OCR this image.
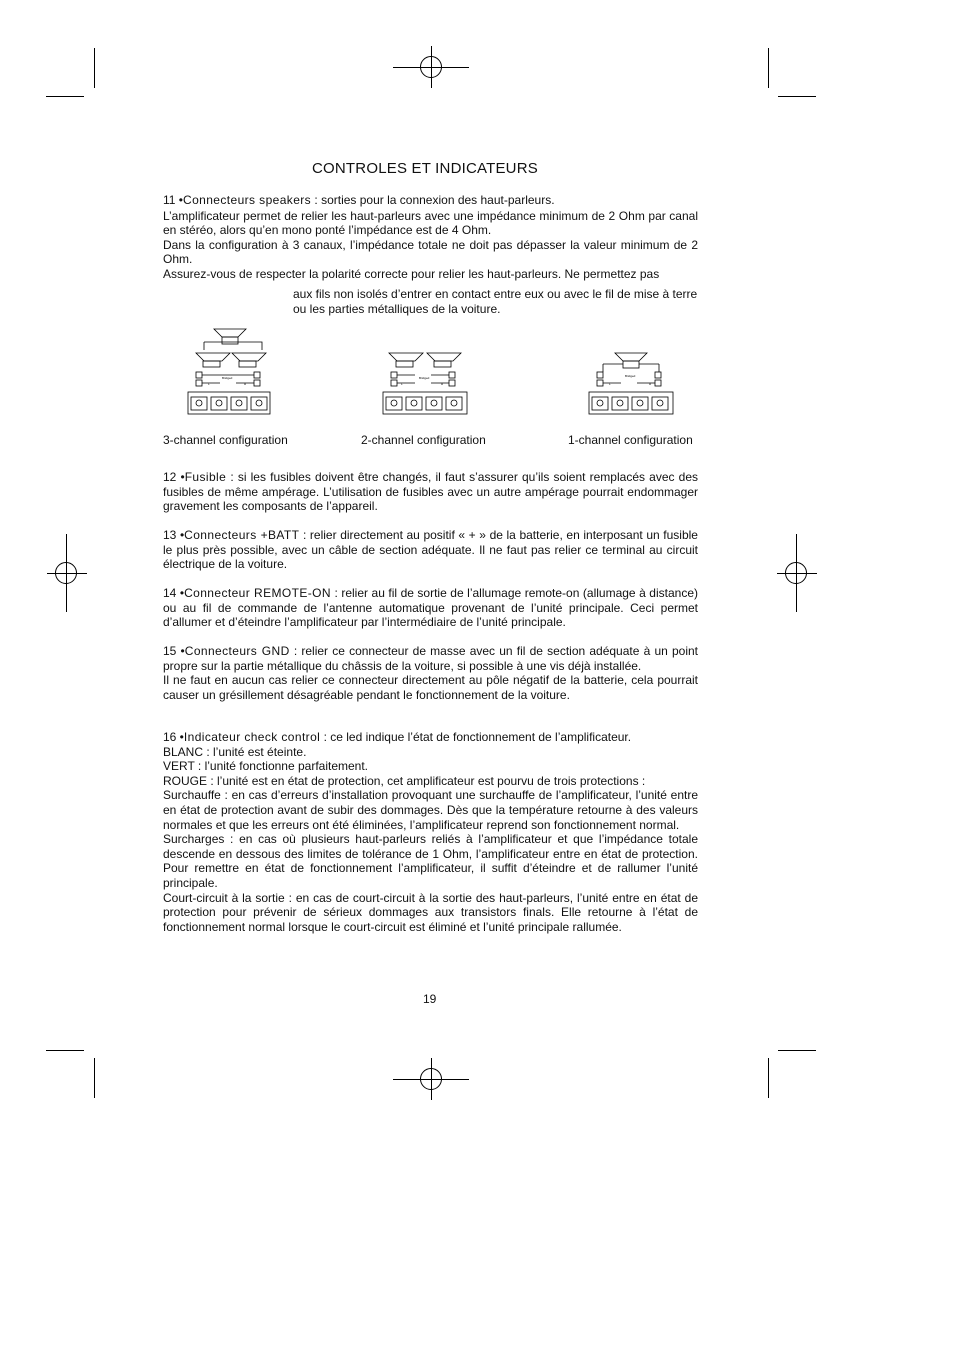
CONTROLES ET INDICATEURS

11 •Connecteurs speakers : sorties pour la connexion des haut-parleurs.

L’amplificateur permet de relier les haut-parleurs avec une impédance minimum de 2 Ohm par canal en stéréo, alors qu’en mono ponté l’impédance est de 4 Ohm.

Dans la configuration à 3 canaux, l’impédance totale ne doit pas dépasser la valeur minimum de 2 Ohm.

Assurez-vous de respecter la polarité correcte pour relier les haut-parleurs. Ne permettez pas

aux fils non isolés d’entrer en contact entre eux ou avec le fil de mise à terre ou les parties métalliques de la voiture.
Bridged
L	R
Bridged
L	R
Bridged
L	R
3-channel configuration	2-channel configuration	1-channel configuration

12 •Fusible : si les fusibles doivent être changés, il faut s’assurer qu’ils soient remplacés avec des fusibles de même ampérage. L’utilisation de fusibles avec un autre ampérage pourrait endommager gravement les composants de l’appareil.

13 •Connecteurs +BATT : relier directement au positif « + » de la batterie, en interposant un fusible le plus près possible, avec un câble de section adéquate. Il ne faut pas relier ce terminal au circuit électrique de la voiture.

14 •Connecteur REMOTE-ON : relier au fil de sortie de l’allumage remote-on (allumage à distance) ou au fil de commande de l’antenne automatique provenant de l’unité principale. Ceci permet d’allumer et d’éteindre l’amplificateur par l’intermédiaire de l’unité principale.

15 •Connecteurs GND : relier ce connecteur de masse avec un fil de section adéquate à un point propre sur la partie métallique du châssis de la voiture, si possible à une vis déjà installée.

Il ne faut en aucun cas relier ce connecteur directement au pôle négatif de la batterie, cela pourrait causer un grésillement désagréable pendant le fonctionnement de la voiture.

16 •Indicateur check control : ce led indique l’état de fonctionnement de l’amplificateur.

BLANC : l’unité est éteinte.

VERT : l’unité fonctionne parfaitement.

ROUGE : l’unité est en état de protection, cet amplificateur est pourvu de trois protections :

Surchauffe : en cas d’erreurs d’installation provoquant une surchauffe de l’amplificateur, l’unité entre en état de protection avant de subir des dommages. Dès que la température retourne à des valeurs normales et que les erreurs ont été éliminées, l’amplificateur reprend son fonctionnement normal.

Surcharges : en cas où plusieurs haut-parleurs reliés à l’amplificateur et que l’impédance totale descende en dessous des limites de tolérance de 1 Ohm, l’amplificateur entre en état de protection. Pour remettre en état de fonctionnement l’amplificateur, il suffit d’éteindre et de rallumer l’unité principale.

Court-circuit à la sortie : en cas de court-circuit à la sortie des haut-parleurs, l’unité entre en état de protection pour prévenir de sérieux dommages aux transistors finals. Elle retourne à l’état de fonctionnement normal lorsque le court-circuit est éliminé et l’unité principale rallumée.

19
